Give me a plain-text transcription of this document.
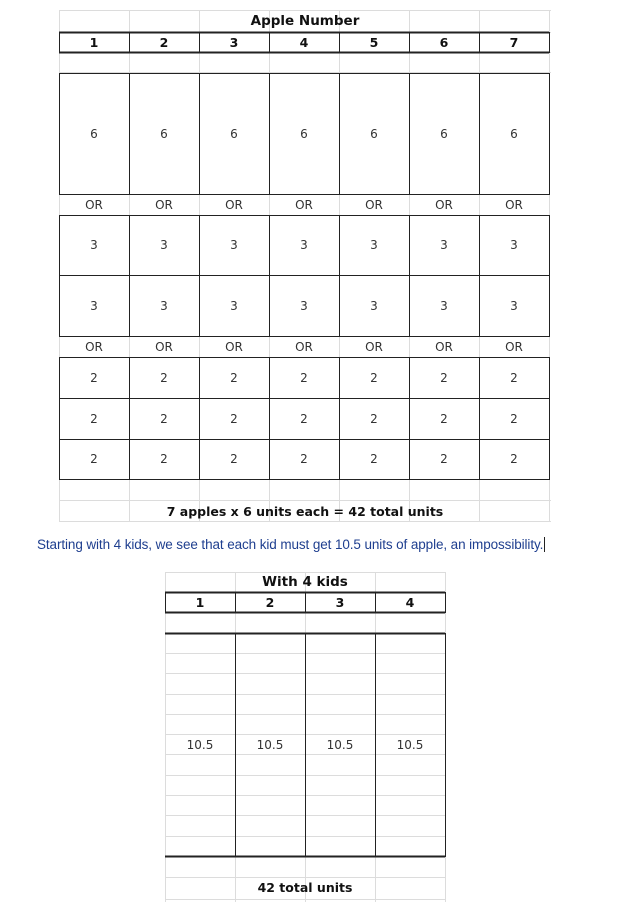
Apple Number
1	2	3	4	5	6	7
6	6	6	6	6	6	6
OR	OR	OR	OR	OR	OR	OR
3	3	3	3	3	3	3
3	3	3	3	3	3	3
OR	OR	OR	OR	OR	OR	OR
2	2	2	2	2	2	2
2	2	2	2	2	2	2
2	2	2	2	2	2	2
7 apples x 6 units each = 42 total units
Starting with 4 kids, we see that each kid must get 10.5 units of apple, an impossibility.
With 4 kids
1	2	3	4
10.5	10.5	10.5	10.5
42 total units
